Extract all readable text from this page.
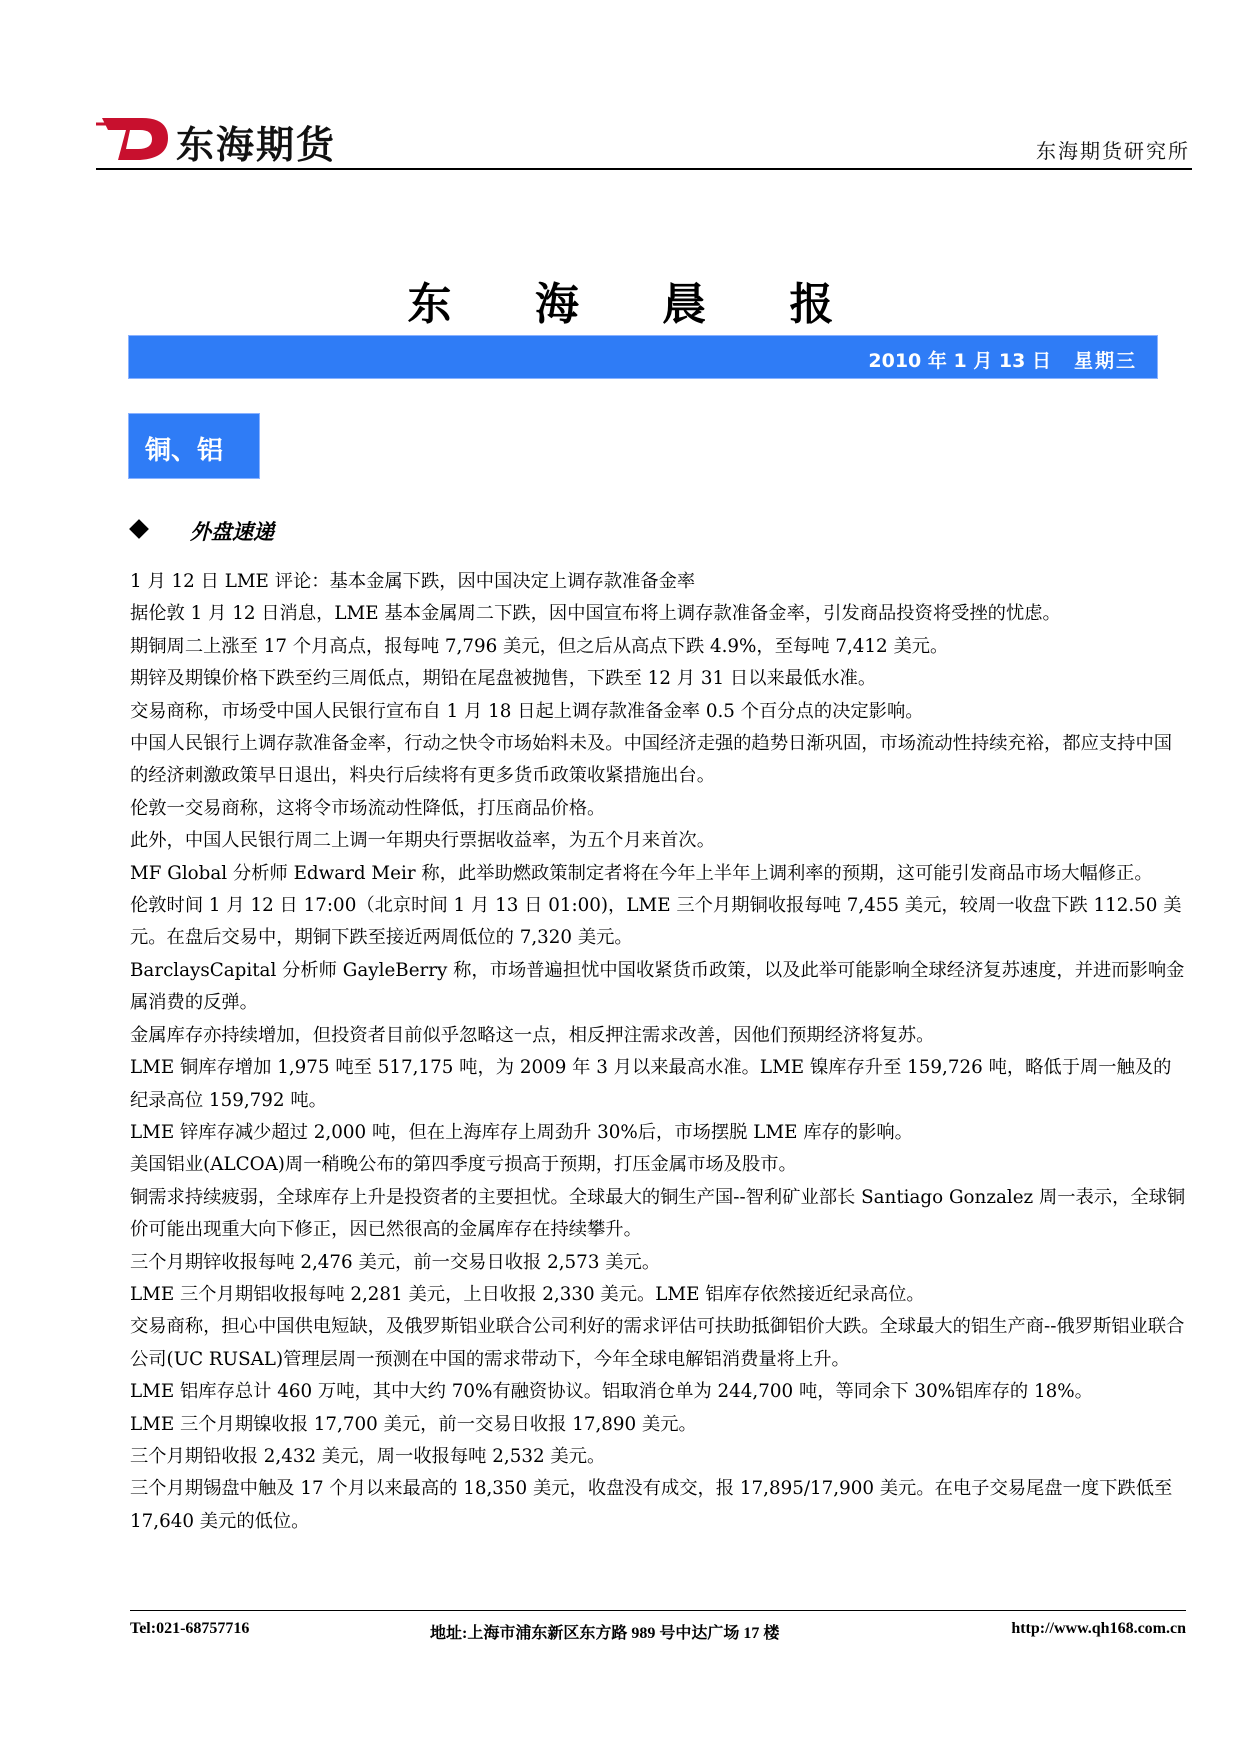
东海期货	东海期货研究所
东 海 晨 报
2010 年 1 月 13 日 星期三
铜、铝
外盘速递

1 月 12 日 LME 评论：基本金属下跌，因中国决定上调存款准备金率

据伦敦 1 月 12 日消息，LME 基本金属周二下跌，因中国宣布将上调存款准备金率，引发商品投资将受挫的忧虑。

期铜周二上涨至 17 个月高点，报每吨 7,796 美元，但之后从高点下跌 4.9%，至每吨 7,412 美元。

期锌及期镍价格下跌至约三周低点，期铅在尾盘被抛售，下跌至 12 月 31 日以来最低水准。

交易商称，市场受中国人民银行宣布自 1 月 18 日起上调存款准备金率 0.5 个百分点的决定影响。

中国人民银行上调存款准备金率，行动之快令市场始料未及。中国经济走强的趋势日渐巩固，市场流动性持续充裕，都应支持中国的经济刺激政策早日退出，料央行后续将有更多货币政策收紧措施出台。

伦敦一交易商称，这将令市场流动性降低，打压商品价格。

此外，中国人民银行周二上调一年期央行票据收益率，为五个月来首次。

MF Global 分析师 Edward Meir 称，此举助燃政策制定者将在今年上半年上调利率的预期，这可能引发商品市场大幅修正。

伦敦时间 1 月 12 日 17:00（北京时间 1 月 13 日 01:00)，LME 三个月期铜收报每吨 7,455 美元，较周一收盘下跌 112.50 美元。在盘后交易中，期铜下跌至接近两周低位的 7,320 美元。

BarclaysCapital 分析师 GayleBerry 称，市场普遍担忧中国收紧货币政策，以及此举可能影响全球经济复苏速度，并进而影响金属消费的反弹。

金属库存亦持续增加，但投资者目前似乎忽略这一点，相反押注需求改善，因他们预期经济将复苏。

LME 铜库存增加 1,975 吨至 517,175 吨，为 2009 年 3 月以来最高水准。LME 镍库存升至 159,726 吨，略低于周一触及的纪录高位 159,792 吨。

LME 锌库存减少超过 2,000 吨，但在上海库存上周劲升 30%后，市场摆脱 LME 库存的影响。

美国铝业(ALCOA)周一稍晚公布的第四季度亏损高于预期，打压金属市场及股市。

铜需求持续疲弱，全球库存上升是投资者的主要担忧。全球最大的铜生产国--智利矿业部长 Santiago Gonzalez 周一表示，全球铜价可能出现重大向下修正，因已然很高的金属库存在持续攀升。

三个月期锌收报每吨 2,476 美元，前一交易日收报 2,573 美元。

LME 三个月期铝收报每吨 2,281 美元，上日收报 2,330 美元。LME 铝库存依然接近纪录高位。

交易商称，担心中国供电短缺，及俄罗斯铝业联合公司利好的需求评估可扶助抵御铝价大跌。全球最大的铝生产商--俄罗斯铝业联合公司(UC RUSAL)管理层周一预测在中国的需求带动下，今年全球电解铝消费量将上升。

LME 铝库存总计 460 万吨，其中大约 70%有融资协议。铝取消仓单为 244,700 吨，等同余下 30%铝库存的 18%。

LME 三个月期镍收报 17,700 美元，前一交易日收报 17,890 美元。

三个月期铅收报 2,432 美元，周一收报每吨 2,532 美元。

三个月期锡盘中触及 17 个月以来最高的 18,350 美元，收盘没有成交，报 17,895/17,900 美元。在电子交易尾盘一度下跌低至 17,640 美元的低位。

Tel:021-68757716	地址:上海市浦东新区东方路 989 号中达广场 17 楼	http://www.qh168.com.cn
